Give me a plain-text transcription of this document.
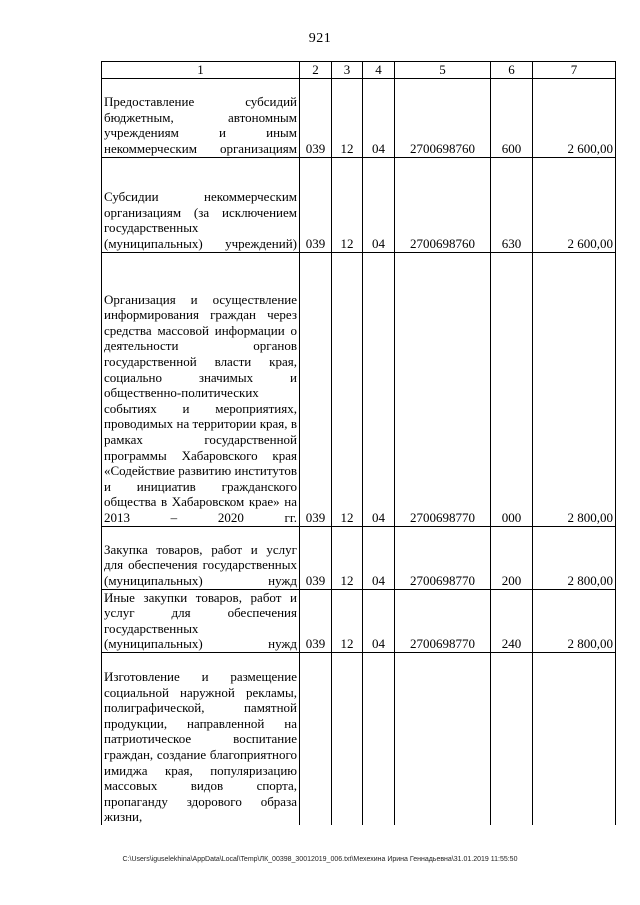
921
1	2	3	4	5	6	7
Предоставление субсидий бюджетным, автономным учреждениям и иным некоммерческим организациям	039	12	04	2700698760	600	2 600,00
Субсидии некоммерческим организациям (за исключением государственных (муниципальных) учреждений)	039	12	04	2700698760	630	2 600,00
Организация и осуществление информирования граждан через средства массовой информации о деятельности органов государственной власти края, социально значимых и общественно-политических событиях и мероприятиях, проводимых на территории края, в рамках государственной программы Хабаровского края «Содействие развитию институтов и инициатив гражданского общества в Хабаровском крае» на 2013 – 2020 гг.	039	12	04	2700698770	000	2 800,00
Закупка товаров, работ и услуг для обеспечения государственных (муниципальных) нужд	039	12	04	2700698770	200	2 800,00
Иные закупки товаров, работ и услуг для обеспечения государственных (муниципальных) нужд	039	12	04	2700698770	240	2 800,00
Изготовление и размещение социальной наружной рекламы, полиграфической, памятной продукции, направленной на патриотическое воспитание граждан, создание благоприятного имиджа края, популяризацию массовых видов спорта, пропаганду здорового образа жизни,						
C:\Users\iguselekhina\AppData\Local\Temp\ЛК_00398_30012019_006.txt\Мехехина Ирина Геннадьевна\31.01.2019 11:55:50
